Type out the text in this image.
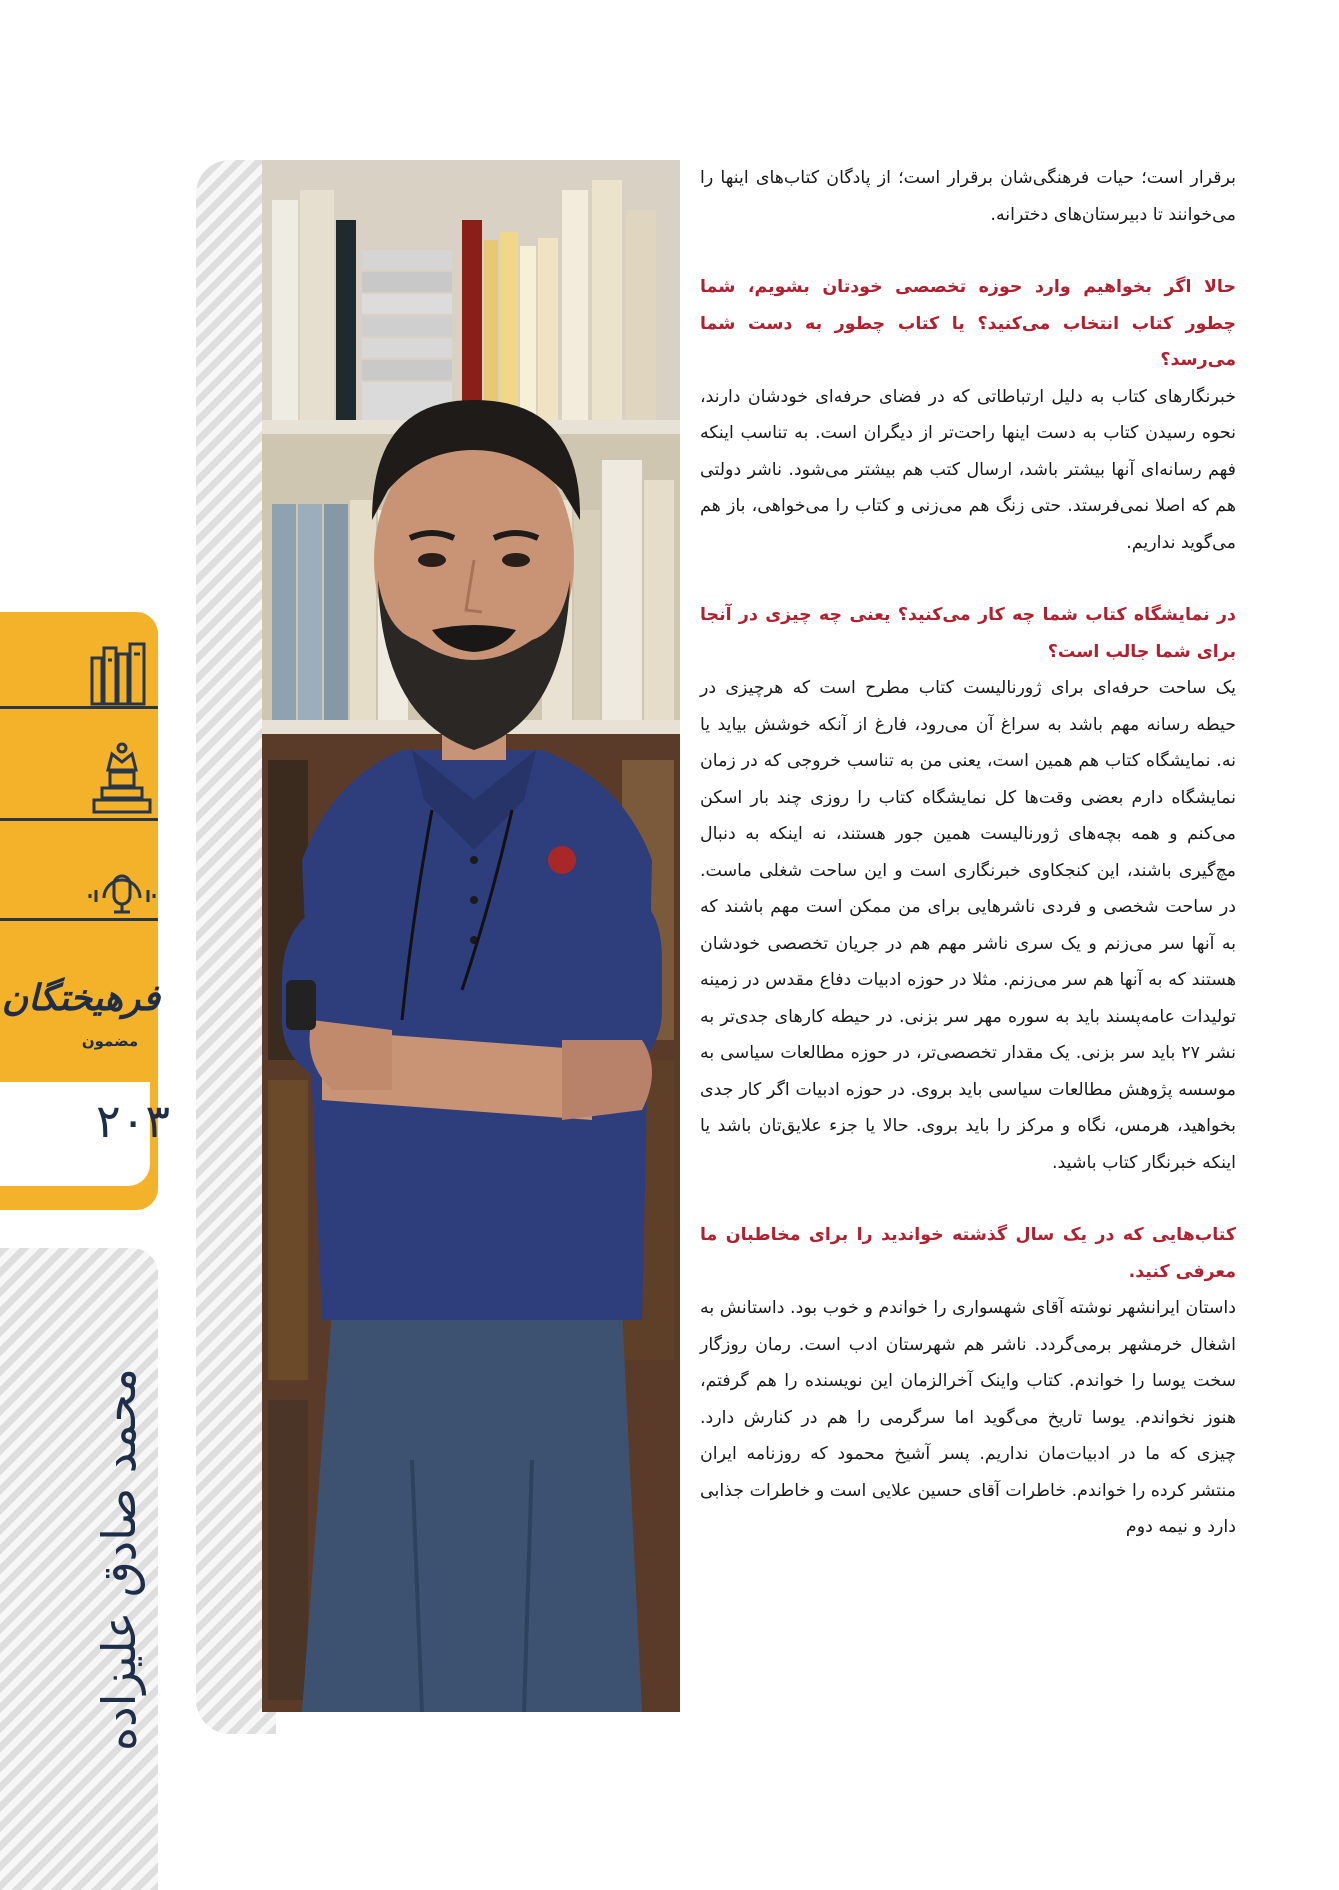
فرهیختگان
مضمون
۲۰۳
محمد صادق علیزاده

برقرار است؛ حیات فرهنگی‌شان برقرار است؛ از پادگان کتاب‌های اینها را می‌خوانند تا دبیرستان‌های دخترانه.

حالا اگر بخواهیم وارد حوزه تخصصی خودتان بشویم، شما چطور کتاب انتخاب می‌کنید؟ یا کتاب چطور به دست شما می‌رسد؟

خبرنگارهای کتاب به دلیل ارتباطاتی که در فضای حرفه‌ای خودشان دارند، نحوه رسیدن کتاب به دست اینها راحت‌تر از دیگران است. به تناسب اینکه فهم رسانه‌ای آنها بیشتر باشد، ارسال کتب هم بیشتر می‌شود. ناشر دولتی هم که اصلا نمی‌فرستد. حتی زنگ هم می‌زنی و کتاب را می‌خواهی، باز هم می‌گوید نداریم.

در نمایشگاه کتاب شما چه کار می‌کنید؟ یعنی چه چیزی در آنجا برای شما جالب است؟

یک ساحت حرفه‌ای برای ژورنالیست کتاب مطرح است که هرچیزی در حیطه رسانه مهم باشد به سراغ آن می‌رود، فارغ از آنکه خوشش بیاید یا نه. نمایشگاه کتاب هم همین است، یعنی من به تناسب خروجی که در زمان نمایشگاه دارم بعضی وقت‌ها کل نمایشگاه کتاب را روزی چند بار اسکن می‌کنم و همه بچه‌های ژورنالیست همین جور هستند، نه اینکه به دنبال مچ‌گیری باشند، این کنجکاوی خبرنگاری است و این ساحت شغلی ماست. در ساحت شخصی و فردی ناشرهایی برای من ممکن است مهم باشند که به آنها سر می‌زنم و یک سری ناشر مهم هم در جریان تخصصی خودشان هستند که به آنها هم سر می‌زنم. مثلا در حوزه ادبیات دفاع مقدس در زمینه تولیدات عامه‌پسند باید به سوره مهر سر بزنی. در حیطه کارهای جدی‌تر به نشر ۲۷ باید سر بزنی. یک مقدار تخصصی‌تر، در حوزه مطالعات سیاسی به موسسه پژوهش مطالعات سیاسی باید بروی. در حوزه ادبیات اگر کار جدی بخواهید، هرمس، نگاه و مرکز را باید بروی. حالا یا جزء علایق‌تان باشد یا اینکه خبرنگار کتاب باشید.

کتاب‌هایی که در یک سال گذشته خواندید را برای مخاطبان ما معرفی کنید.

داستان ایرانشهر نوشته آقای شهسواری را خواندم و خوب بود. داستانش به اشغال خرمشهر برمی‌گردد. ناشر هم شهرستان ادب است. رمان روزگار سخت یوسا را خواندم. کتاب واینک آخرالزمان این نویسنده را هم گرفتم، هنوز نخواندم. یوسا تاریخ می‌گوید اما سرگرمی را هم در کنارش دارد. چیزی که ما در ادبیات‌مان نداریم. پسر آشیخ محمود که روزنامه ایران منتشر کرده را خواندم. خاطرات آقای حسین علایی است و خاطرات جذابی دارد و نیمه دوم
